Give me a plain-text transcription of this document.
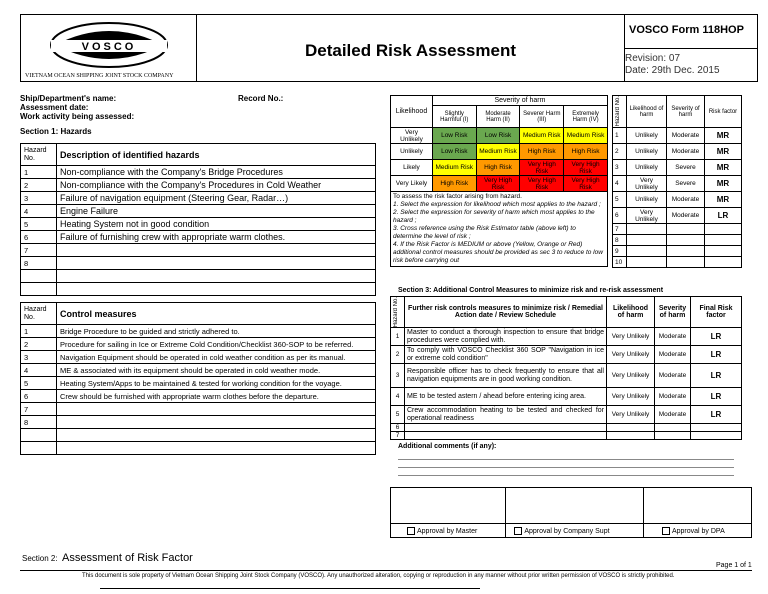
VOSCO
VIETNAM OCEAN SHIPPING JOINT STOCK COMPANY
Detailed Risk Assessment
VOSCO Form 118HOP
Revision: 07
Date: 29th Dec. 2015
Ship/Department's name:
Assessment date:
Work activity being assessed:
Record No.:
Section 1: Hazards
Hazard No.	Description of identified hazards
1	Non-compliance with the Company's Bridge Procedures
2	Non-compliance with the Company's Procedures in Cold Weather
3	Failure of navigation equipment (Steering Gear, Radar…)
4	Engine Failure
5	Heating System not in good condition
6	Failure of furnishing crew with appropriate warm clothes.
7	
8	

Hazard No.	Control measures
1	Bridge Procedure to be guided and strictly adhered to.
2	Procedure for sailing in Ice or Extreme Cold Condition/Checklist 360-SOP to be referred.
3	Navigation Equipment should be operated in cold weather condition as per its manual.
4	ME & associated with its equipment should be operated in cold weather mode.
5	Heating System/Apps to be maintained & tested for working condition for the voyage.
6	Crew should be furnished with appropriate warm clothes before the departure.
7	
8	

Likelihood	Severity of harm			
	Slightly Harmful (I)	Moderate Harm (II)	Severer Harm (III)	Extremely Harm (IV)
Very Unlikely	Low Risk	Low Risk	Medium Risk	Medium Risk
Unlikely	Low Risk	Medium Risk	High Risk	High Risk
Likely	Medium Risk	High Risk	Very High Risk	Very High Risk
Very Likely	High Risk	Very High Risk	Very High Risk	Very High Risk

To assess the risk factor arising from hazard.
1. Select the expression for likelihood which most applies to the hazard ;
2. Select the expression for severity of harm which most applies to the hazard ;
3. Cross reference using the Risk Estimator table (above left) to determine the level of risk ;
4. If the Risk Factor is MEDIUM or above (Yellow, Orange or Red) additional control measures should be provided as sec 3 to reduce to low risk before carrying out				
Hazard No.	Likelihood of harm	Severity of harm	Risk factor
1	Unlikely	Moderate	MR
2	Unlikely	Moderate	MR
3	Unlikely	Severe	MR
4	Very Unlikely	Severe	MR
5	Unlikely	Moderate	MR
6	Very Unlikely	Moderate	LR
7			
8			
9			
10			
Section 3: Additional Control Measures to minimize risk and re-risk assessment
Hazard No.	Further risk controls measures to minimize risk / Remedial Action date / Review Schedule	Likelihood of harm	Severity of harm	Final Risk factor
1	Master to conduct a thorough inspection to ensure that bridge procedures were complied with.	Very Unlikely	Moderate	LR
2	To comply with VOSCO Checklist 360 SOP "Navigation in ice or extreme cold condition"	Very Unlikely	Moderate	LR
3	Responsible officer has to check frequently to ensure that all navigation equipments are in good working condition.	Very Unlikely	Moderate	LR
4	ME to be tested astern / ahead before entering icing area.	Very Unlikely	Moderate	LR
5	Crew accommodation heating to be tested and checked for operational readiness	Very Unlikely	Moderate	LR
6				
7				
Additional comments (if any):

Approval by Master	Approval by Company Supt	Approval by DPA
Section 2: Assessment of Risk Factor
Page 1 of 1
This document is sole property of Vietnam Ocean Shipping Joint Stock Company (VOSCO). Any unauthorized alteration, copying or reproduction in any manner without prior written permission of VOSCO is strictly prohibited.
